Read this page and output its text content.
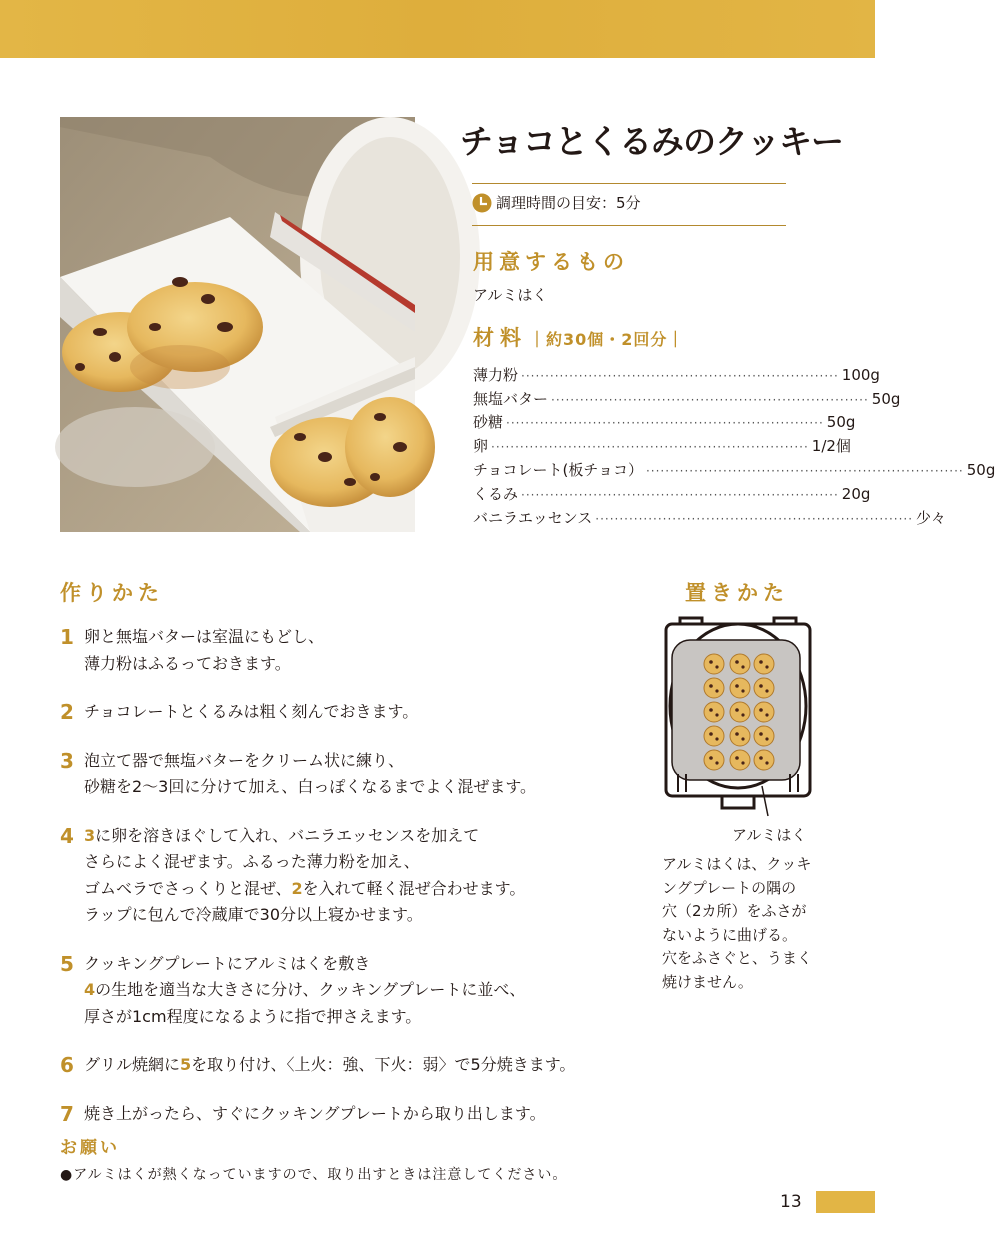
チョコとくるみのクッキー
調理時間の目安：5分
用意するもの
アルミはく
材料 ｜約30個・2回分｜
薄力粉 ·································································· 100g
無塩バター ·································································· 50g
砂糖 ·································································· 50g
卵 ·································································· 1/2個
チョコレート(板チョコ） ·································································· 50g
くるみ ·································································· 20g
バニラエッセンス ·································································· 少々
作りかた
1 卵と無塩バターは室温にもどし、

薄力粉はふるっておきます。

2 チョコレートとくるみは粗く刻んでおきます。

3 泡立て器で無塩バターをクリーム状に練り、

砂糖を2〜3回に分けて加え、白っぽくなるまでよく混ぜます。

4 3に卵を溶きほぐして入れ、バニラエッセンスを加えて

さらによく混ぜます。ふるった薄力粉を加え、

ゴムベラでさっくりと混ぜ、2を入れて軽く混ぜ合わせます。

ラップに包んで冷蔵庫で30分以上寝かせます。

5 クッキングプレートにアルミはくを敷き

4の生地を適当な大きさに分け、クッキングプレートに並べ、

厚さが1cm程度になるように指で押さえます。

6 グリル焼網に5を取り付け、〈上火：強、下火：弱〉で5分焼きます。

7 焼き上がったら、すぐにクッキングプレートから取り出します。

置きかた
アルミはく
アルミはくは、クッキ
ングプレートの隅の
穴（2カ所）をふさが
ないように曲げる。
穴をふさぐと、うまく
焼けません。
お願い
●アルミはくが熱くなっていますので、取り出すときは注意してください。
13
